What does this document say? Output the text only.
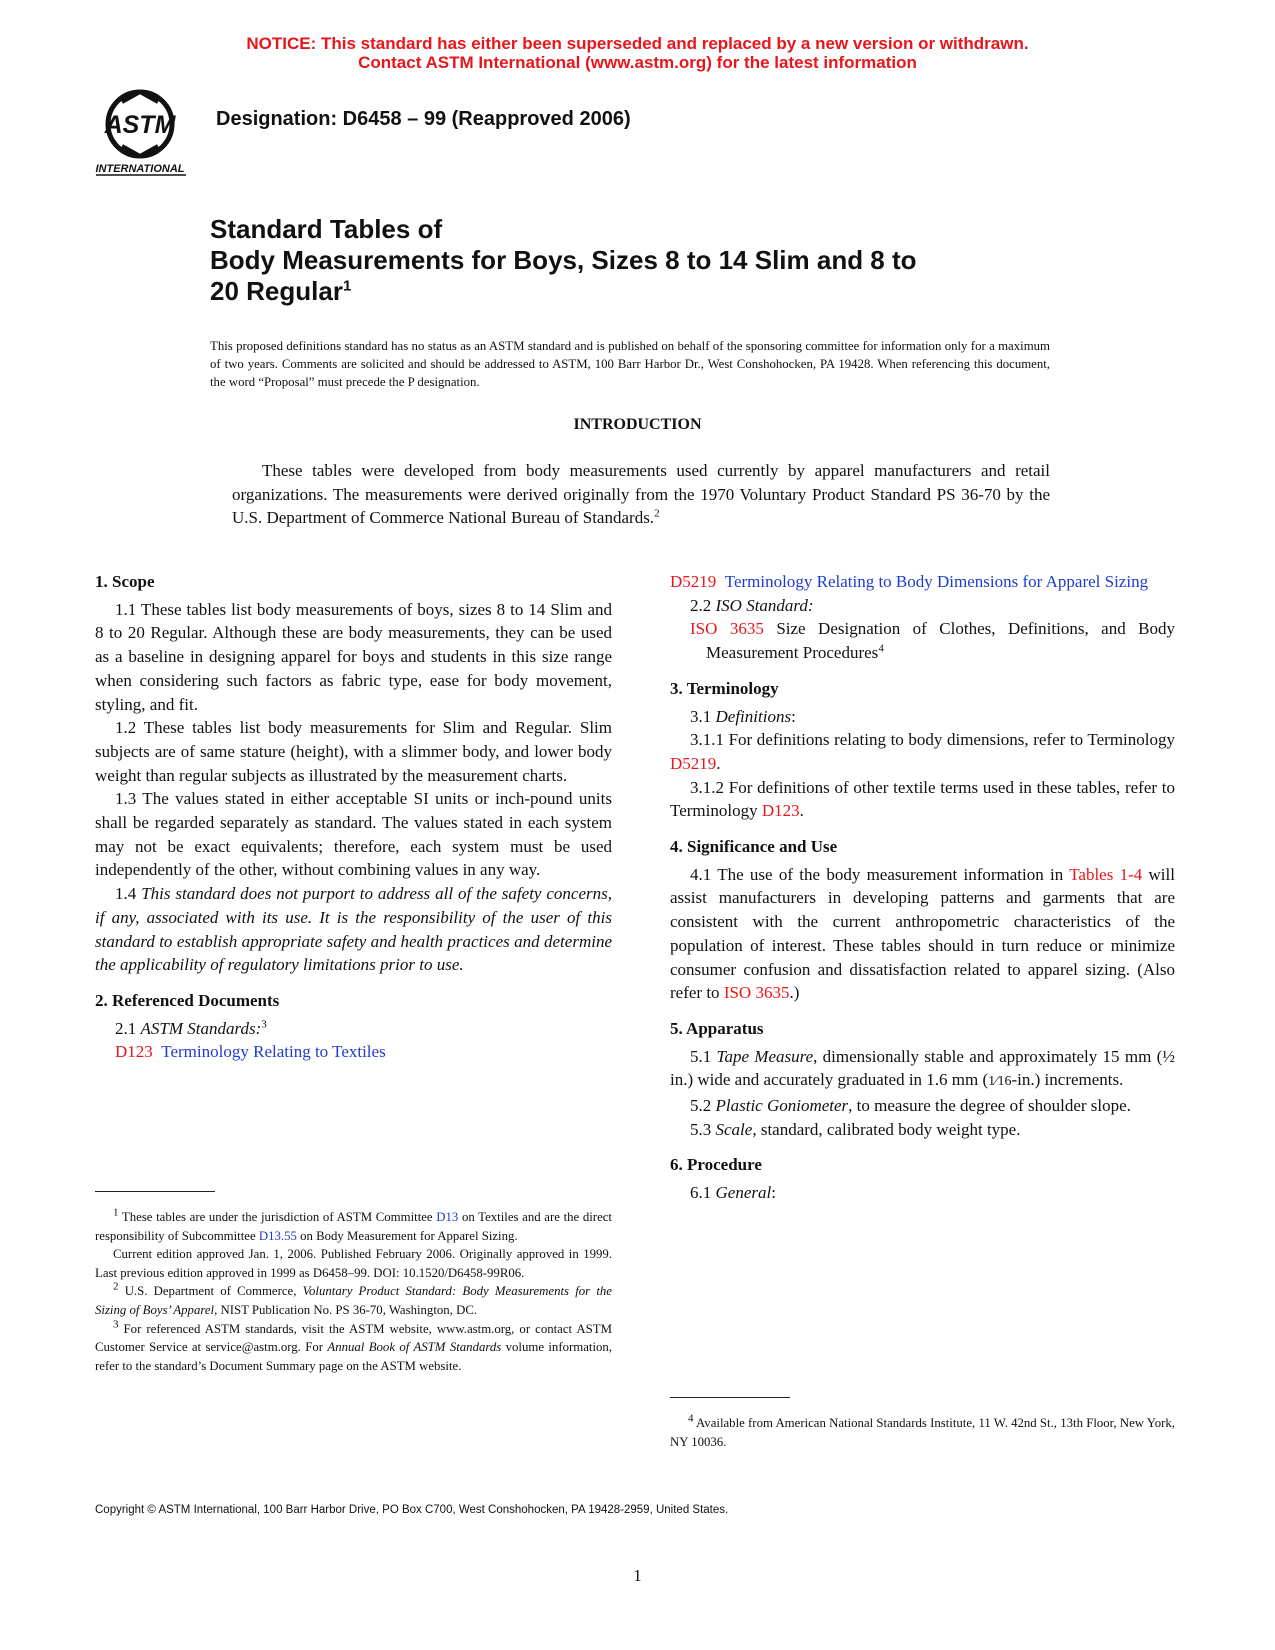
NOTICE: This standard has either been superseded and replaced by a new version or withdrawn.
Contact ASTM International (www.astm.org) for the latest information
ASTM
INTERNATIONAL
Designation: D6458 – 99 (Reapproved 2006)
Standard Tables of
Body Measurements for Boys, Sizes 8 to 14 Slim and 8 to
20 Regular$^1$
This proposed definitions standard has no status as an ASTM standard and is published on behalf of the sponsoring committee for information only for a maximum of two years. Comments are solicited and should be addressed to ASTM, 100 Barr Harbor Dr., West Conshohocken, PA 19428. When referencing this document, the word “Proposal” must precede the P designation.
INTRODUCTION
These tables were developed from body measurements used currently by apparel manufacturers and retail organizations. The measurements were derived originally from the 1970 Voluntary Product Standard PS 36-70 by the U.S. Department of Commerce National Bureau of Standards.$^2$

1. Scope

1.1 These tables list body measurements of boys, sizes 8 to 14 Slim and 8 to 20 Regular. Although these are body measurements, they can be used as a baseline in designing apparel for boys and students in this size range when considering such factors as fabric type, ease for body movement, styling, and fit.

1.2 These tables list body measurements for Slim and Regular. Slim subjects are of same stature (height), with a slimmer body, and lower body weight than regular subjects as illustrated by the measurement charts.

1.3 The values stated in either acceptable SI units or inch-pound units shall be regarded separately as standard. The values stated in each system may not be exact equivalents; therefore, each system must be used independently of the other, without combining values in any way.

1.4 This standard does not purport to address all of the safety concerns, if any, associated with its use. It is the responsibility of the user of this standard to establish appropriate safety and health practices and determine the applicability of regulatory limitations prior to use.

2. Referenced Documents

2.1 ASTM Standards:$^3$

D123 Terminology Relating to Textiles

D5219 Terminology Relating to Body Dimensions for Apparel Sizing

2.2 ISO Standard:

ISO 3635 Size Designation of Clothes, Definitions, and Body Measurement Procedures$^4$

3. Terminology

3.1 Definitions:

3.1.1 For definitions relating to body dimensions, refer to Terminology D5219.

3.1.2 For definitions of other textile terms used in these tables, refer to Terminology D123.

4. Significance and Use

4.1 The use of the body measurement information in Tables 1-4 will assist manufacturers in developing patterns and garments that are consistent with the current anthropometric characteristics of the population of interest. These tables should in turn reduce or minimize consumer confusion and dissatisfaction related to apparel sizing. (Also refer to ISO 3635.)

5. Apparatus

5.1 Tape Measure, dimensionally stable and approximately 15 mm (½ in.) wide and accurately graduated in 1.6 mm (1⁄16-in.) increments.

5.2 Plastic Goniometer, to measure the degree of shoulder slope.

5.3 Scale, standard, calibrated body weight type.

6. Procedure

6.1 General:

$^1$ These tables are under the jurisdiction of ASTM Committee D13 on Textiles and are the direct responsibility of Subcommittee D13.55 on Body Measurement for Apparel Sizing.

Current edition approved Jan. 1, 2006. Published February 2006. Originally approved in 1999. Last previous edition approved in 1999 as D6458–99. DOI: 10.1520/D6458-99R06.

$^2$ U.S. Department of Commerce, Voluntary Product Standard: Body Measurements for the Sizing of Boys’ Apparel, NIST Publication No. PS 36-70, Washington, DC.

$^3$ For referenced ASTM standards, visit the ASTM website, www.astm.org, or contact ASTM Customer Service at service@astm.org. For Annual Book of ASTM Standards volume information, refer to the standard’s Document Summary page on the ASTM website.

$^4$ Available from American National Standards Institute, 11 W. 42nd St., 13th Floor, New York, NY 10036.

Copyright © ASTM International, 100 Barr Harbor Drive, PO Box C700, West Conshohocken, PA 19428-2959, United States.
1
